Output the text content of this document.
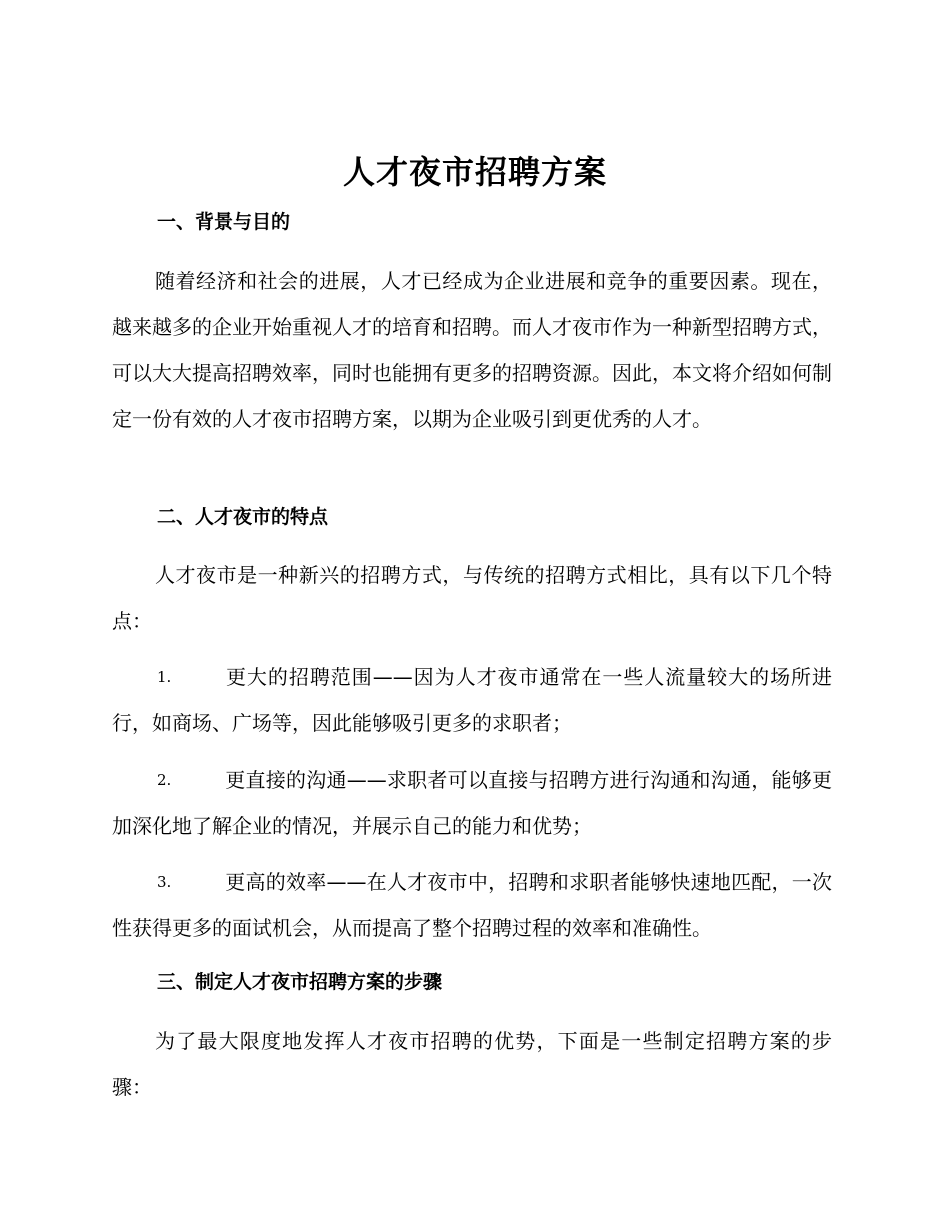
人才夜市招聘方案
一、背景与目的

随着经济和社会的进展，人才已经成为企业进展和竞争的重要因素。现在，越来越多的企业开始重视人才的培育和招聘。而人才夜市作为一种新型招聘方式，可以大大提高招聘效率，同时也能拥有更多的招聘资源。因此，本文将介绍如何制定一份有效的人才夜市招聘方案，以期为企业吸引到更优秀的人才。

二、人才夜市的特点

人才夜市是一种新兴的招聘方式，与传统的招聘方式相比，具有以下几个特点：

1.	更大的招聘范围——因为人才夜市通常在一些人流量较大的场所进行，如商场、广场等，因此能够吸引更多的求职者；

2.	更直接的沟通——求职者可以直接与招聘方进行沟通和沟通，能够更加深化地了解企业的情况，并展示自己的能力和优势；

3.	更高的效率——在人才夜市中，招聘和求职者能够快速地匹配，一次性获得更多的面试机会，从而提高了整个招聘过程的效率和准确性。

三、制定人才夜市招聘方案的步骤

为了最大限度地发挥人才夜市招聘的优势，下面是一些制定招聘方案的步骤：
